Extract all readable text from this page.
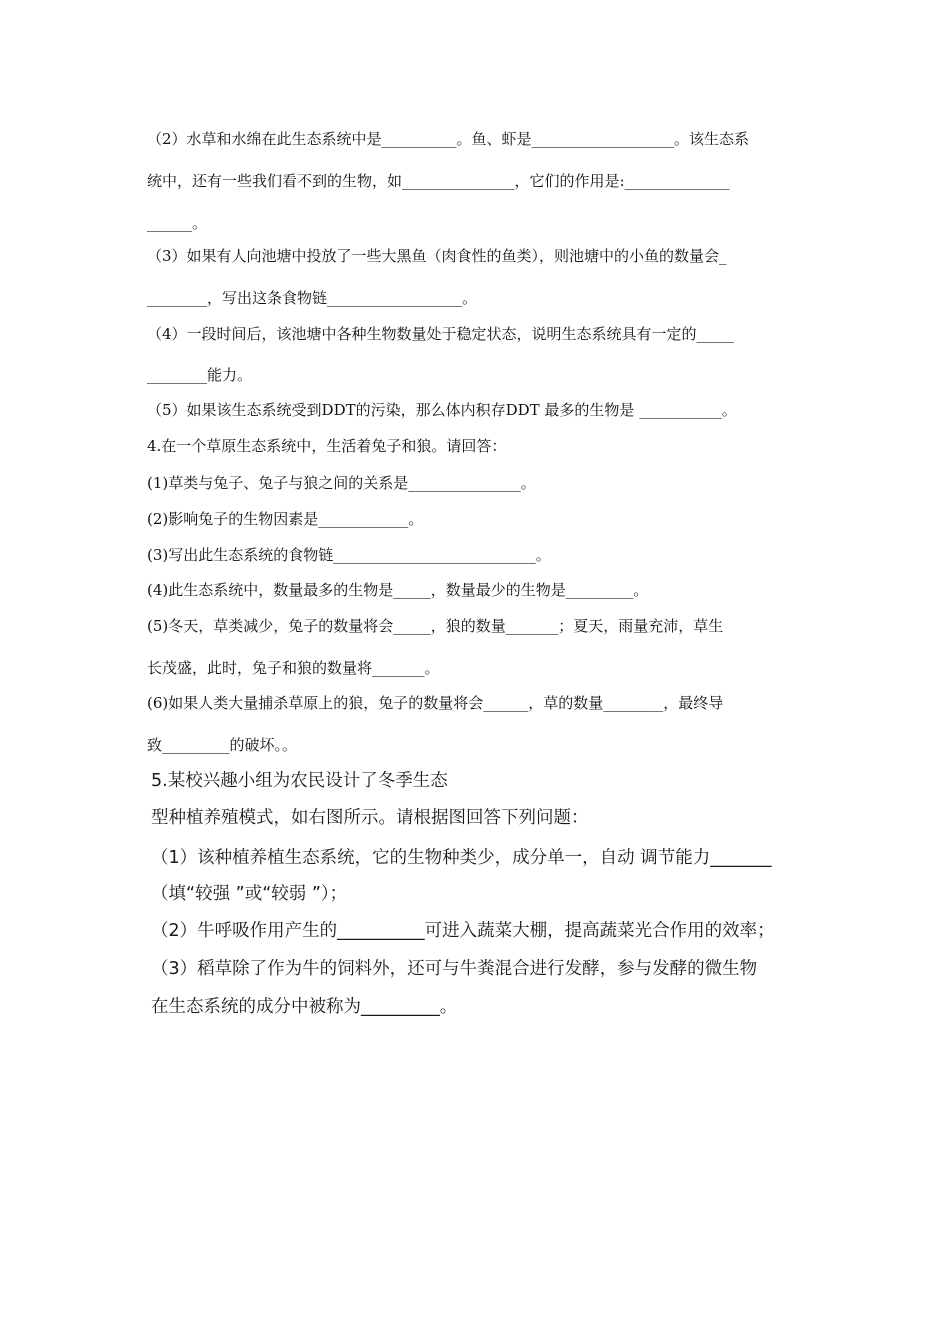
（2）水草和水绵在此生态系统中是__________。鱼、虾是___________________。该生态系
统中，还有一些我们看不到的生物，如_______________，它们的作用是:______________
______。
（3）如果有人向池塘中投放了一些大黑鱼（肉食性的鱼类），则池塘中的小鱼的数量会_
________，写出这条食物链__________________。
（4）一段时间后，该池塘中各种生物数量处于稳定状态，说明生态系统具有一定的_____
________能力。
（5）如果该生态系统受到DDT的污染，那么体内积存DDT 最多的生物是 ___________。
4.在一个草原生态系统中，生活着兔子和狼。请回答：
(1)草类与兔子、兔子与狼之间的关系是_______________。
(2)影响兔子的生物因素是____________。
(3)写出此生态系统的食物链___________________________。
(4)此生态系统中，数量最多的生物是_____，数量最少的生物是_________。
(5)冬天，草类减少，兔子的数量将会_____，狼的数量_______；夏天，雨量充沛，草生
长茂盛，此时，兔子和狼的数量将_______。
(6)如果人类大量捕杀草原上的狼，兔子的数量将会______，草的数量________，最终导
致_________的破坏。。
5.某校兴趣小组为农民设计了冬季生态
型种植养殖模式，如右图所示。请根据图回答下列问题：
（1）该种植养植生态系统，它的生物种类少，成分单一，自动 调节能力_______
（填“较强 ”或“较弱 ”）；
（2）牛呼吸作用产生的__________可进入蔬菜大棚，提高蔬菜光合作用的效率；
（3）稻草除了作为牛的饲料外，还可与牛粪混合进行发酵，参与发酵的微生物
在生态系统的成分中被称为_________。
